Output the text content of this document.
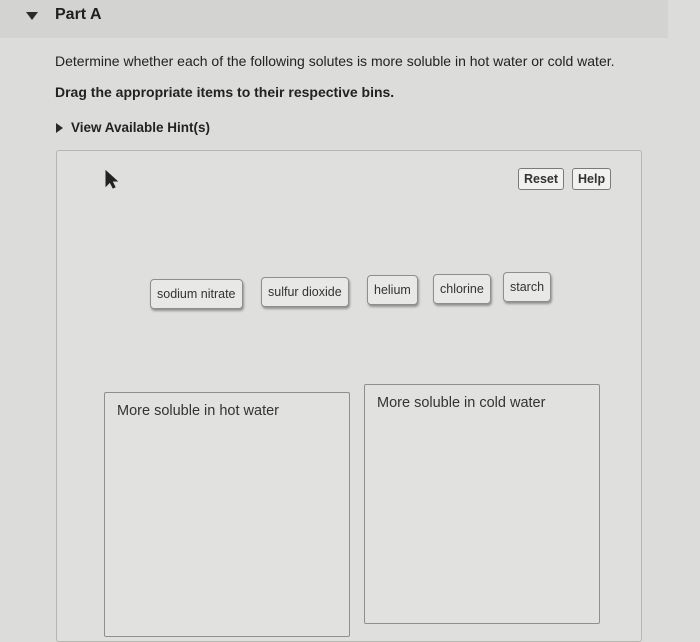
Part A
Determine whether each of the following solutes is more soluble in hot water or cold water.
Drag the appropriate items to their respective bins.
View Available Hint(s)
Reset	Help
sodium nitrate	sulfur dioxide	helium	chlorine	starch
More soluble in hot water	More soluble in cold water
